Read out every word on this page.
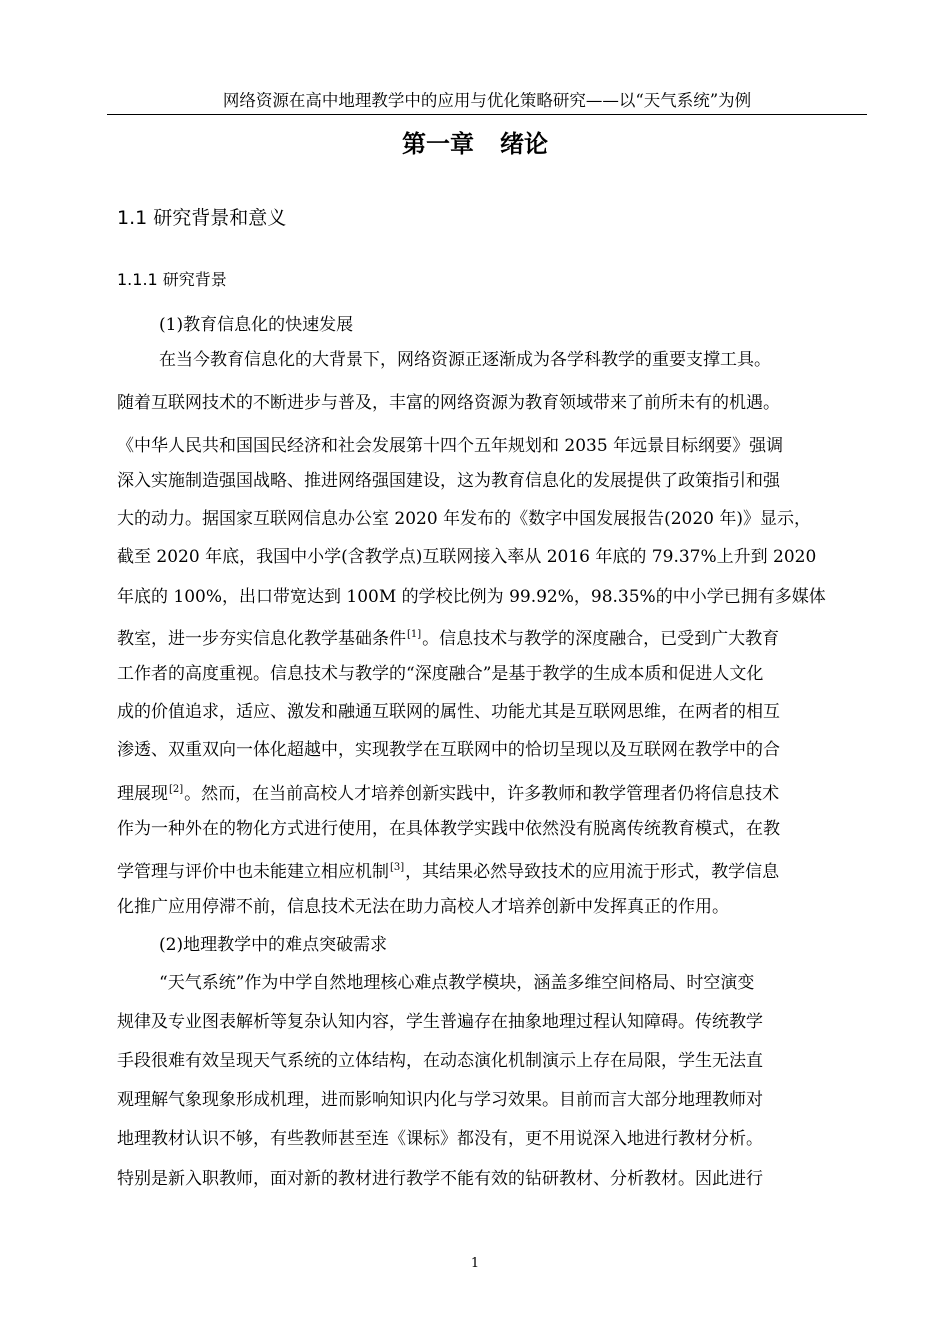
网络资源在高中地理教学中的应用与优化策略研究——以“天气系统”为例
第一章 绪论
1.1 研究背景和意义
1.1.1 研究背景
(1)教育信息化的快速发展
在当今教育信息化的大背景下，网络资源正逐渐成为各学科教学的重要支撑工具。
随着互联网技术的不断进步与普及，丰富的网络资源为教育领域带来了前所未有的机遇。
《中华人民共和国国民经济和社会发展第十四个五年规划和 2035 年远景目标纲要》强调
深入实施制造强国战略、推进网络强国建设，这为教育信息化的发展提供了政策指引和强
大的动力。据国家互联网信息办公室 2020 年发布的《数字中国发展报告(2020 年)》显示，
截至 2020 年底，我国中小学(含教学点)互联网接入率从 2016 年底的 79.37%上升到 2020
年底的 100%，出口带宽达到 100M 的学校比例为 99.92%，98.35%的中小学已拥有多媒体
教室，进一步夯实信息化教学基础条件[1]。信息技术与教学的深度融合，已受到广大教育
工作者的高度重视。信息技术与教学的“深度融合”是基于教学的生成本质和促进人文化
成的价值追求，适应、激发和融通互联网的属性、功能尤其是互联网思维，在两者的相互
渗透、双重双向一体化超越中，实现教学在互联网中的恰切呈现以及互联网在教学中的合
理展现[2]。然而，在当前高校人才培养创新实践中，许多教师和教学管理者仍将信息技术
作为一种外在的物化方式进行使用，在具体教学实践中依然没有脱离传统教育模式，在教
学管理与评价中也未能建立相应机制[3]，其结果必然导致技术的应用流于形式，教学信息
化推广应用停滞不前，信息技术无法在助力高校人才培养创新中发挥真正的作用。
(2)地理教学中的难点突破需求
“天气系统”作为中学自然地理核心难点教学模块，涵盖多维空间格局、时空演变
规律及专业图表解析等复杂认知内容，学生普遍存在抽象地理过程认知障碍。传统教学
手段很难有效呈现天气系统的立体结构，在动态演化机制演示上存在局限，学生无法直
观理解气象现象形成机理，进而影响知识内化与学习效果。目前而言大部分地理教师对
地理教材认识不够，有些教师甚至连《课标》都没有，更不用说深入地进行教材分析。
特别是新入职教师，面对新的教材进行教学不能有效的钻研教材、分析教材。因此进行
1
